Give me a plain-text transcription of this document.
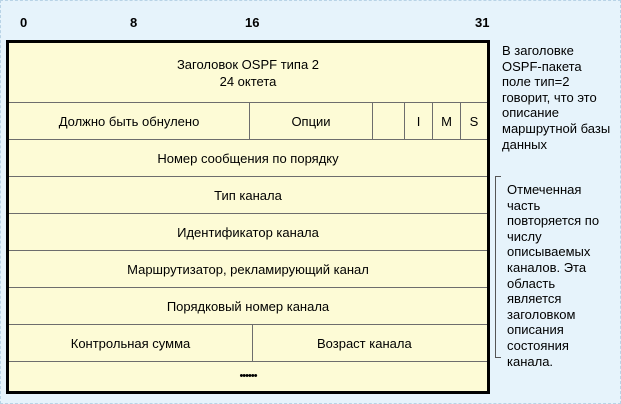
0	8	16	31
Заголовок OSPF типа 2
24 октета
Должно быть обнулено	Опции	I M S
Номер сообщения по порядку
Тип канала
Идентификатор канала
Маршрутизатор, рекламирующий канал
Порядковый номер канала
Контрольная сумма	Возраст канала
••••••
В заголовке OSPF-пакета поле тип=2 говорит, что это описание маршрутной базы данных
Отмеченная часть повторяется по числу описываемых каналов. Эта область является заголовком описания состояния канала.
